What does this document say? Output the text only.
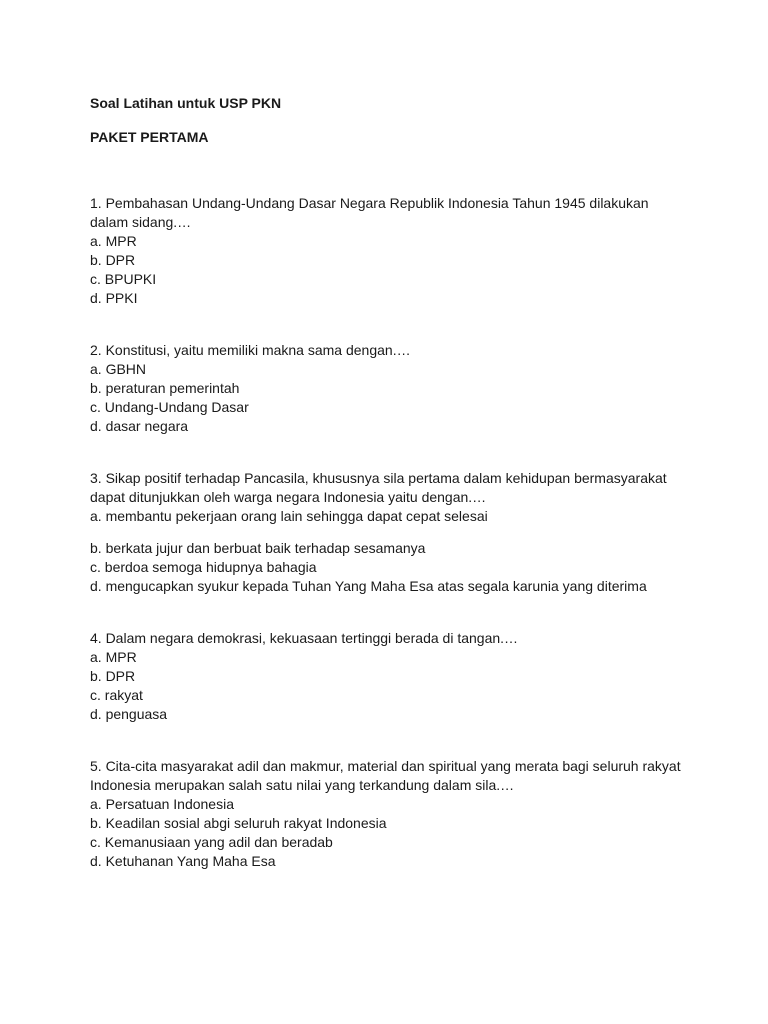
Soal Latihan untuk USP PKN

PAKET PERTAMA

1. Pembahasan Undang-Undang Dasar Negara Republik Indonesia Tahun 1945 dilakukan dalam sidang.…

a. MPR

b. DPR

c. BPUPKI

d. PPKI

2. Konstitusi, yaitu memiliki makna sama dengan.…

a. GBHN

b. peraturan pemerintah

c. Undang-Undang Dasar

d. dasar negara

3. Sikap positif terhadap Pancasila, khususnya sila pertama dalam kehidupan bermasyarakat dapat ditunjukkan oleh warga negara Indonesia yaitu dengan.…

a. membantu pekerjaan orang lain sehingga dapat cepat selesai

b. berkata jujur dan berbuat baik terhadap sesamanya

c. berdoa semoga hidupnya bahagia

d. mengucapkan syukur kepada Tuhan Yang Maha Esa atas segala karunia yang diterima

4. Dalam negara demokrasi, kekuasaan tertinggi berada di tangan.…

a. MPR

b. DPR

c. rakyat

d. penguasa

5. Cita-cita masyarakat adil dan makmur, material dan spiritual yang merata bagi seluruh rakyat Indonesia merupakan salah satu nilai yang terkandung dalam sila.…

a. Persatuan Indonesia

b. Keadilan sosial abgi seluruh rakyat Indonesia

c. Kemanusiaan yang adil dan beradab

d. Ketuhanan Yang Maha Esa
